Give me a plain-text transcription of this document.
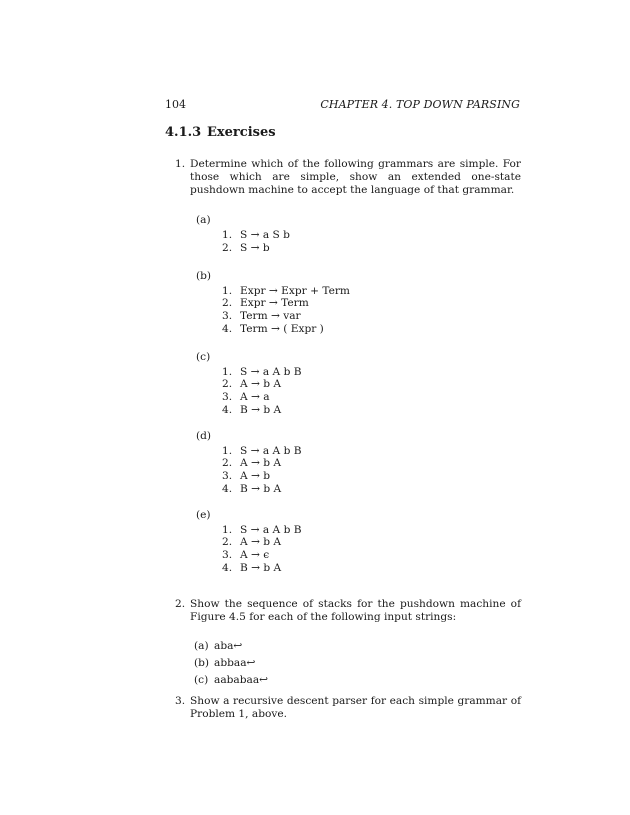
104	CHAPTER 4. TOP DOWN PARSING
4.1.3 Exercises
1. Determine which of the following grammars are simple. For those which are simple, show an extended one-state pushdown machine to accept the language of that grammar.
(a)
1. S → a S b
2. S → b
(b)
1. Expr → Expr + Term
2. Expr → Term
3. Term → var
4. Term → ( Expr )
(c)
1. S → a A b B
2. A → b A
3. A → a
4. B → b A
(d)
1. S → a A b B
2. A → b A
3. A → b
4. B → b A
(e)
1. S → a A b B
2. A → b A
3. A → ϵ
4. B → b A
2. Show the sequence of stacks for the pushdown machine of Figure 4.5 for each of the following input strings:
(a) aba↩
(b) abbaa↩
(c) aababaa↩
3. Show a recursive descent parser for each simple grammar of Problem 1, above.
